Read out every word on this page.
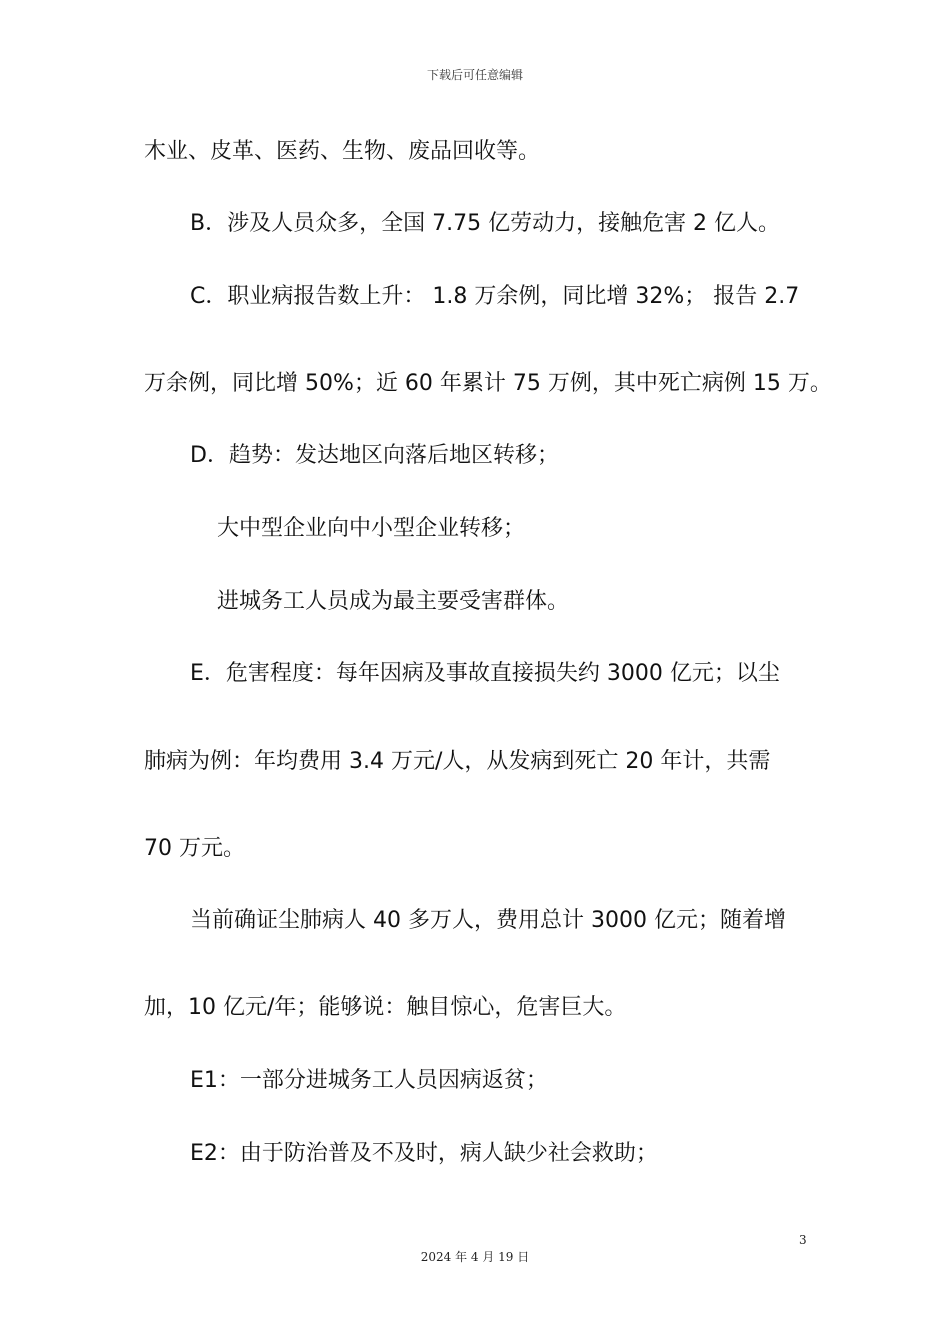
下载后可任意编辑
木业、皮革、医药、生物、废品回收等。
B．涉及人员众多，全国 7.75 亿劳动力，接触危害 2 亿人。
C．职业病报告数上升： 1.8 万余例，同比增 32%； 报告 2.7
万余例，同比增 50%；近 60 年累计 75 万例，其中死亡病例 15 万。
D．趋势：发达地区向落后地区转移；
大中型企业向中小型企业转移；
进城务工人员成为最主要受害群体。
E．危害程度：每年因病及事故直接损失约 3000 亿元；以尘
肺病为例：年均费用 3.4 万元/人，从发病到死亡 20 年计，共需
70 万元。
当前确证尘肺病人 40 多万人，费用总计 3000 亿元；随着增
加，10 亿元/年；能够说：触目惊心，危害巨大。
E1：一部分进城务工人员因病返贫；
E2：由于防治普及不及时，病人缺少社会救助；
3
2024 年 4 月 19 日
